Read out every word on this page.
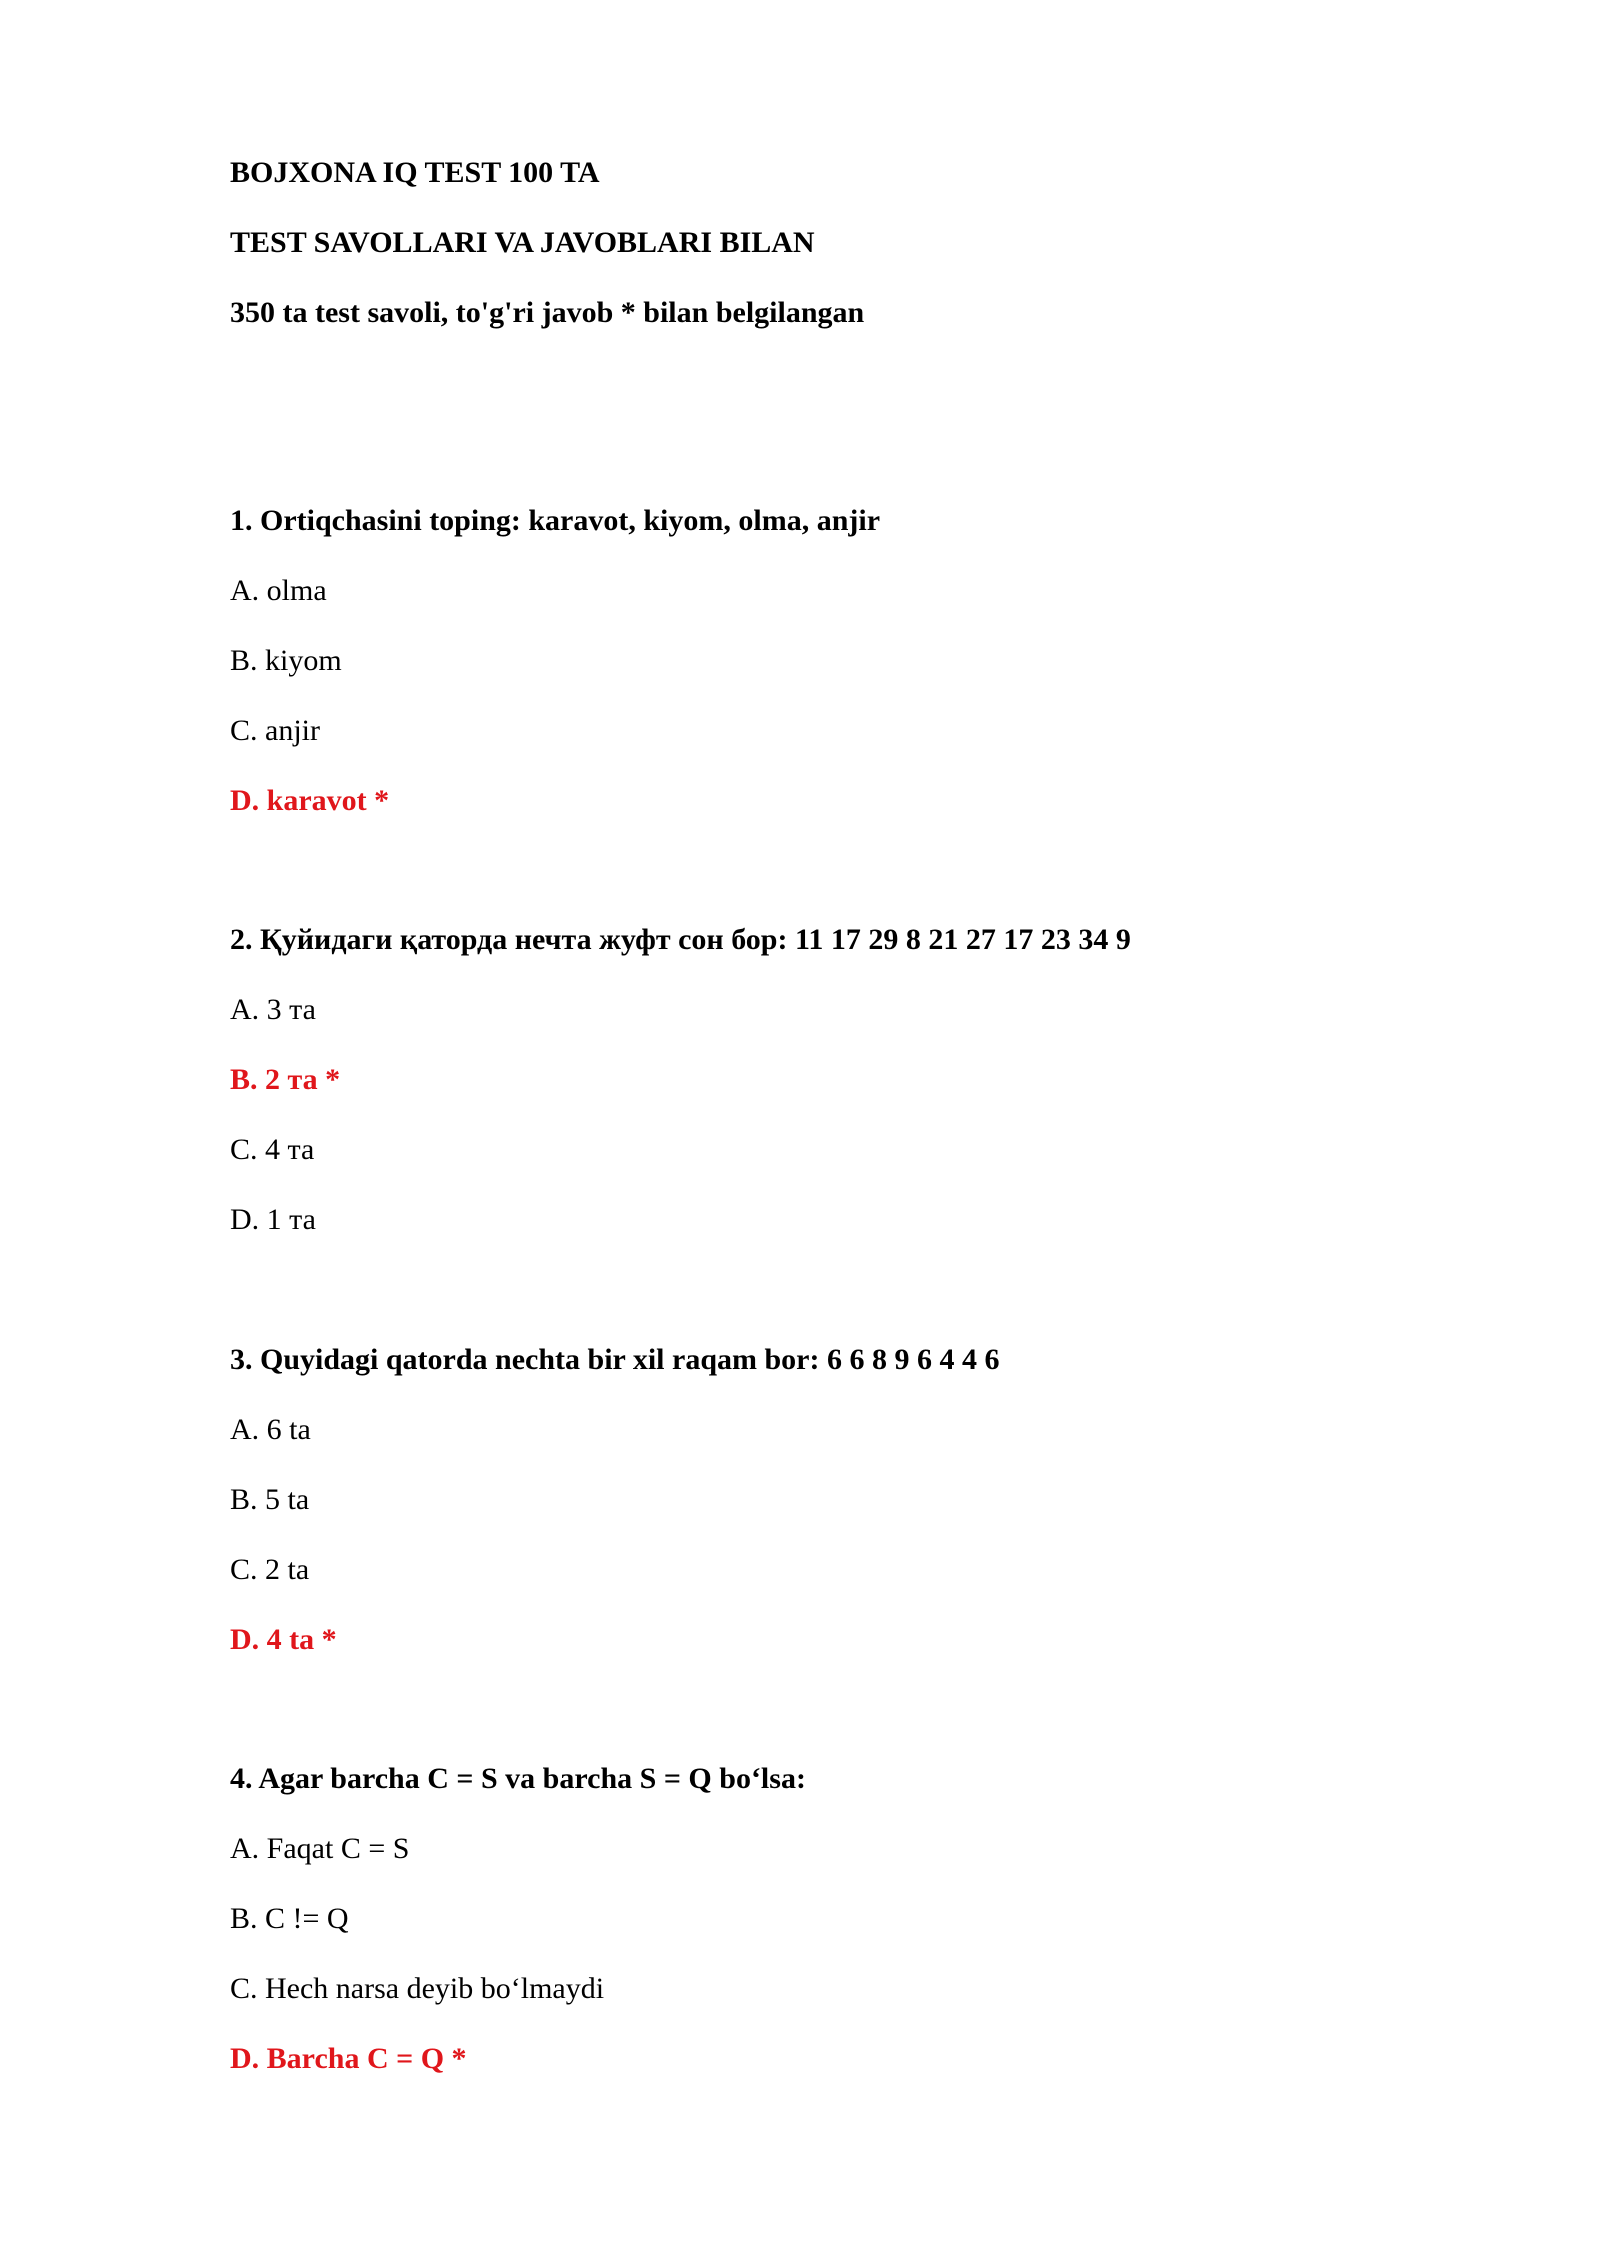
BOJXONA IQ TEST 100 TA
TEST SAVOLLARI VA JAVOBLARI BILAN
350 ta test savoli, to'g'ri javob * bilan belgilangan
1. Ortiqchasini toping: karavot, kiyom, olma, anjir
A. olma
B. kiyom
C. anjir
D. karavot *
2. Қуйидаги қаторда нечта жуфт сон бор: 11 17 29 8 21 27 17 23 34 9
A. 3 та
B. 2 та *
C. 4 та
D. 1 та
3. Quyidagi qatorda nechta bir xil raqam bor: 6 6 8 9 6 4 4 6
A. 6 ta
B. 5 ta
C. 2 ta
D. 4 ta *
4. Agar barcha C = S va barcha S = Q bo‘lsa:
A. Faqat C = S
B. C != Q
C. Hech narsa deyib bo‘lmaydi
D. Barcha C = Q *
